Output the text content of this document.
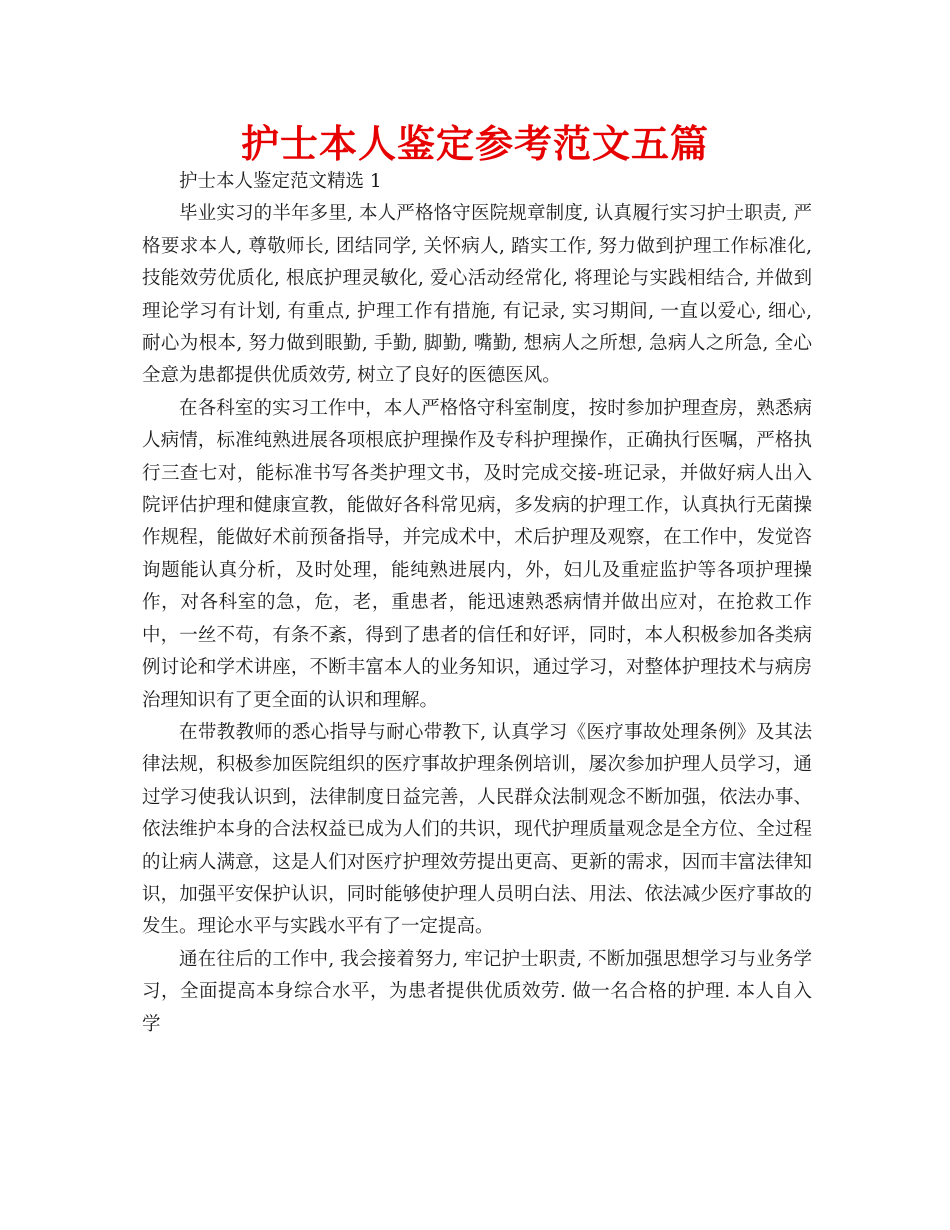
护士本人鉴定参考范文五篇

护士本人鉴定范文精选 1

毕业实习的半年多里, 本人严格恪守医院规章制度, 认真履行实习护士职责, 严格要求本人, 尊敬师长, 团结同学, 关怀病人, 踏实工作, 努力做到护理工作标准化, 技能效劳优质化, 根底护理灵敏化, 爱心活动经常化, 将理论与实践相结合, 并做到理论学习有计划, 有重点, 护理工作有措施, 有记录, 实习期间, 一直以爱心, 细心, 耐心为根本, 努力做到眼勤, 手勤, 脚勤, 嘴勤, 想病人之所想, 急病人之所急, 全心全意为患都提供优质效劳, 树立了良好的医德医风。

在各科室的实习工作中，本人严格恪守科室制度，按时参加护理查房，熟悉病人病情，标准纯熟进展各项根底护理操作及专科护理操作，正确执行医嘱，严格执行三查七对，能标准书写各类护理文书，及时完成交接-班记录，并做好病人出入院评估护理和健康宣教，能做好各科常见病，多发病的护理工作，认真执行无菌操作规程，能做好术前预备指导，并完成术中，术后护理及观察，在工作中，发觉咨询题能认真分析，及时处理，能纯熟进展内，外，妇儿及重症监护等各项护理操作，对各科室的急，危，老，重患者，能迅速熟悉病情并做出应对，在抢救工作中，一丝不苟，有条不紊，得到了患者的信任和好评，同时，本人积极参加各类病例讨论和学术讲座，不断丰富本人的业务知识，通过学习，对整体护理技术与病房治理知识有了更全面的认识和理解。

在带教教师的悉心指导与耐心带教下, 认真学习《医疗事故处理条例》及其法律法规，积极参加医院组织的医疗事故护理条例培训，屡次参加护理人员学习，通过学习使我认识到，法律制度日益完善，人民群众法制观念不断加强，依法办事、依法维护本身的合法权益已成为人们的共识，现代护理质量观念是全方位、全过程的让病人满意，这是人们对医疗护理效劳提出更高、更新的需求，因而丰富法律知识，加强平安保护认识，同时能够使护理人员明白法、用法、依法减少医疗事故的发生。理论水平与实践水平有了一定提高。

通在往后的工作中, 我会接着努力, 牢记护士职责, 不断加强思想学习与业务学习，全面提高本身综合水平，为患者提供优质效劳. 做一名合格的护理. 本人自入学
